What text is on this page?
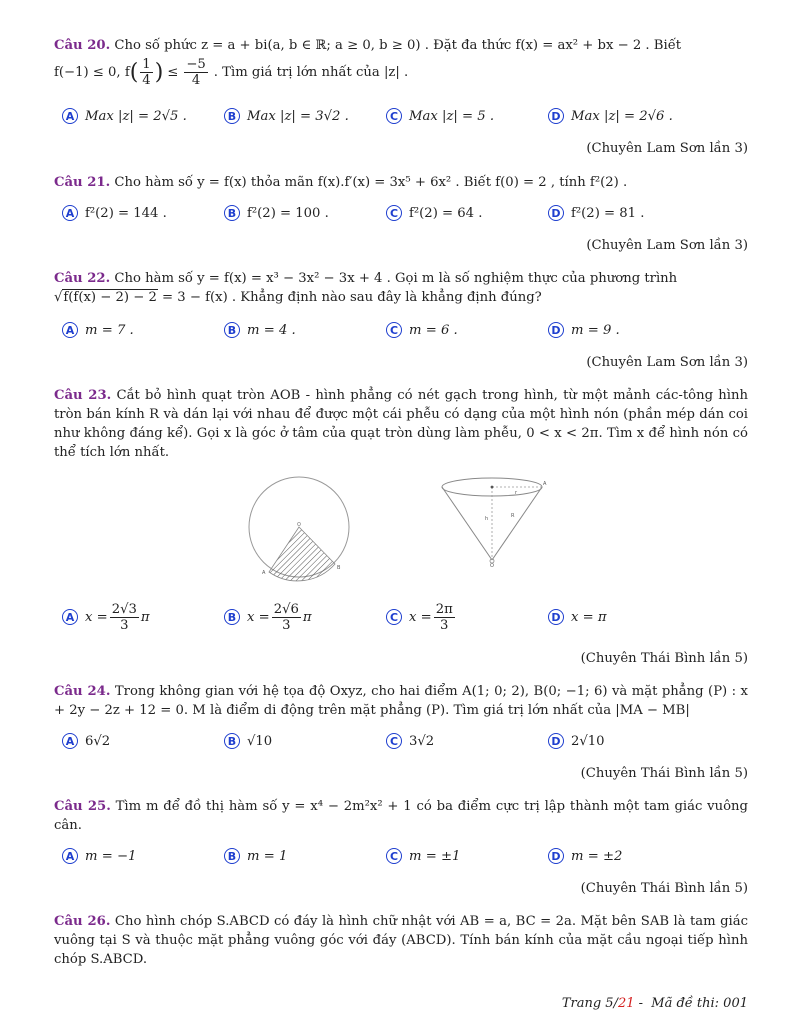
Câu 20. Cho số phức z = a + bi(a, b ∈ ℝ; a ≥ 0, b ≥ 0) . Đặt đa thức f(x) = ax² + bx − 2 . Biết

f(−1) ≤ 0, f ( $\frac{1}{4}$ ) ≤ $\frac{-5}{4}$ . Tìm giá trị lớn nhất của |z| .
A Max |z| = 2√5 .	B Max |z| = 3√2 .	C Max |z| = 5 .	D Max |z| = 2√6 .
(Chuyên Lam Sơn lần 3)
Câu 21. Cho hàm số y = f(x) thỏa mãn f(x).f′(x) = 3x⁵ + 6x² . Biết f(0) = 2 , tính f²(2) .
A f²(2) = 144 .	B f²(2) = 100 .	C f²(2) = 64 .	D f²(2) = 81 .
(Chuyên Lam Sơn lần 3)
Câu 22. Cho hàm số y = f(x) = x³ − 3x² − 3x + 4 . Gọi m là số nghiệm thực của phương trình
√f(f(x) − 2) − 2 = 3 − f(x) . Khẳng định nào sau đây là khẳng định đúng?
A m = 7 .	B m = 4 .	C m = 6 .	D m = 9 .
(Chuyên Lam Sơn lần 3)
Câu 23. Cắt bỏ hình quạt tròn AOB - hình phẳng có nét gạch trong hình, từ một mảnh các-tông hình tròn bán kính R và dán lại với nhau để được một cái phễu có dạng của một hình nón (phần mép dán coi như không đáng kể). Gọi x là góc ở tâm của quạt tròn dùng làm phễu, 0 < x < 2π. Tìm x để hình nón có thể tích lớn nhất.
A
B
A
r
R
h
O
A $x = \frac{2√3}{3}$ π	B $x = \frac{2√6}{3}$ π	C $x = \frac{2\pi}{3}$	D x = π
(Chuyên Thái Bình lần 5)
Câu 24. Trong không gian với hệ tọa độ Oxyz, cho hai điểm A(1; 0; 2), B(0; −1; 6) và mặt phẳng (P) : x + 2y − 2z + 12 = 0. M là điểm di động trên mặt phẳng (P). Tìm giá trị lớn nhất của |MA − MB|
A 6√2	B √10	C 3√2	D 2√10
(Chuyên Thái Bình lần 5)
Câu 25. Tìm m để đồ thị hàm số y = x⁴ − 2m²x² + 1 có ba điểm cực trị lập thành một tam giác vuông cân.
A m = −1	B m = 1	C m = ±1	D m = ±2
(Chuyên Thái Bình lần 5)
Câu 26. Cho hình chóp S.ABCD có đáy là hình chữ nhật với AB = a, BC = 2a. Mặt bên SAB là tam giác vuông tại S và thuộc mặt phẳng vuông góc với đáy (ABCD). Tính bán kính của mặt cầu ngoại tiếp hình chóp S.ABCD.
Trang 5/21 -  Mã đề thi: 001
